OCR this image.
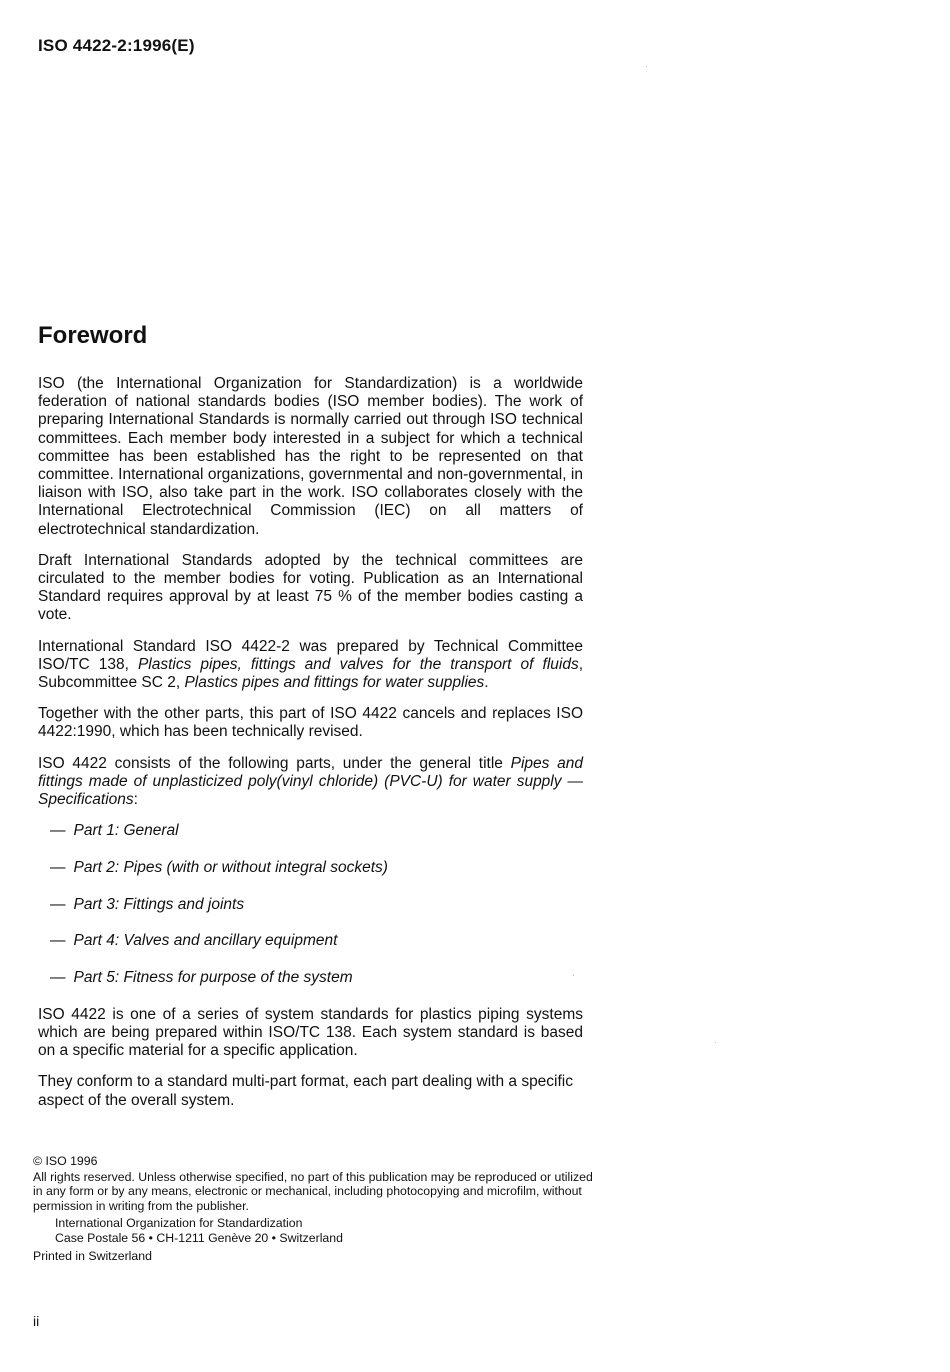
ISO 4422-2:1996(E)
Foreword

ISO (the International Organization for Standardization) is a worldwide federation of national standards bodies (ISO member bodies). The work of preparing International Standards is normally carried out through ISO technical committees. Each member body interested in a subject for which a technical committee has been established has the right to be represented on that committee. International organizations, governmental and non-governmental, in liaison with ISO, also take part in the work. ISO collaborates closely with the International Electrotechnical Commission (IEC) on all matters of electrotechnical standardization.

Draft International Standards adopted by the technical committees are circulated to the member bodies for voting. Publication as an International Standard requires approval by at least 75 % of the member bodies casting a vote.

International Standard ISO 4422-2 was prepared by Technical Committee ISO/TC 138, Plastics pipes, fittings and valves for the transport of fluids, Subcommittee SC 2, Plastics pipes and fittings for water supplies.

Together with the other parts, this part of ISO 4422 cancels and replaces ISO 4422:1990, which has been technically revised.

ISO 4422 consists of the following parts, under the general title Pipes and fittings made of unplasticized poly(vinyl chloride) (PVC-U) for water supply — Specifications:

— Part 1: General
— Part 2: Pipes (with or without integral sockets)
— Part 3: Fittings and joints
— Part 4: Valves and ancillary equipment
— Part 5: Fitness for purpose of the system

ISO 4422 is one of a series of system standards for plastics piping systems which are being prepared within ISO/TC 138. Each system standard is based on a specific material for a specific application.

They conform to a standard multi-part format, each part dealing with a specific aspect of the overall system.

© ISO 1996
All rights reserved. Unless otherwise specified, no part of this publication may be reproduced or utilized in any form or by any means, electronic or mechanical, including photocopying and microfilm, without permission in writing from the publisher.
International Organization for Standardization
Case Postale 56 • CH-1211 Genève 20 • Switzerland
Printed in Switzerland
ii
